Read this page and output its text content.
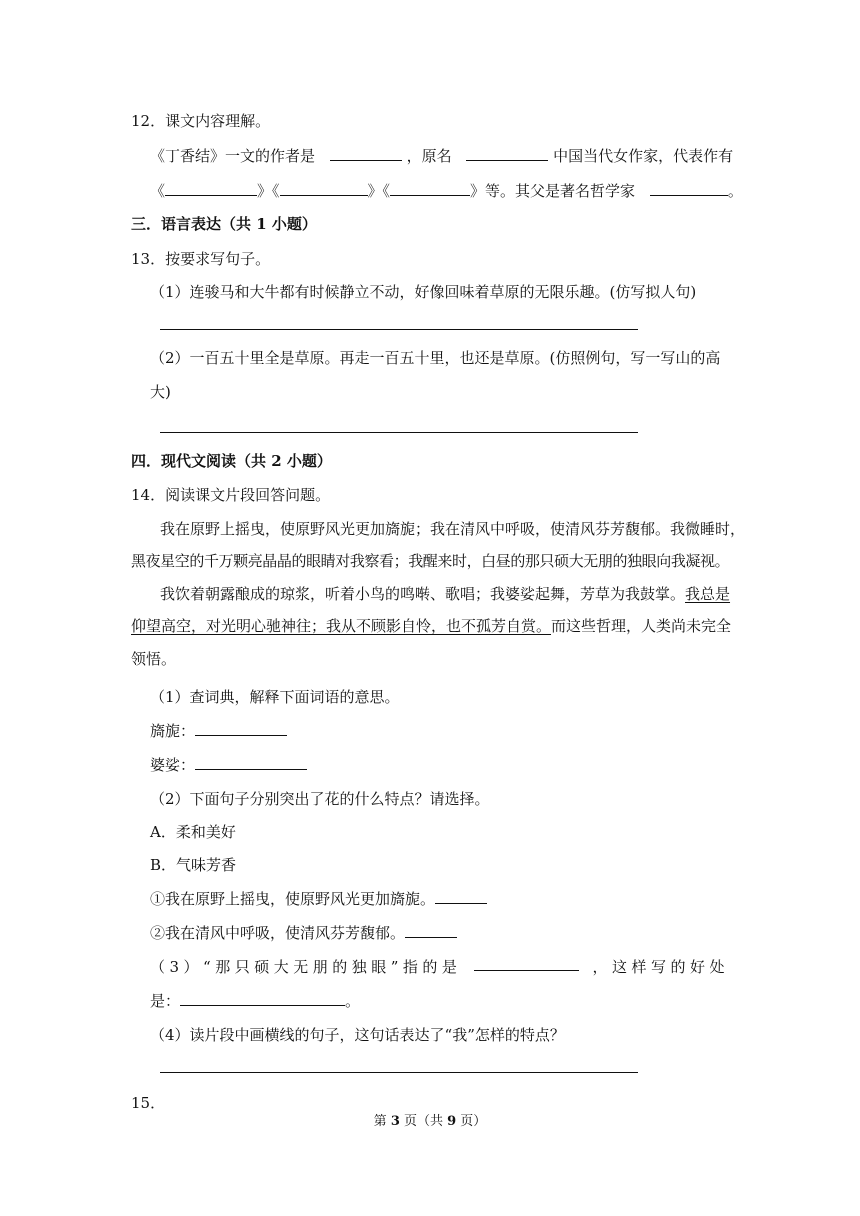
12．课文内容理解。
《丁香结》一文的作者是	，原名	中国当代女作家，代表作有
《	》《	》《	》等。其父是著名哲学家	。
三．语言表达（共 1 小题）
13．按要求写句子。
（1）连骏马和大牛都有时候静立不动，好像回味着草原的无限乐趣。(仿写拟人句)
（2）一百五十里全是草原。再走一百五十里，也还是草原。(仿照例句，写一写山的高
大)
四．现代文阅读（共 2 小题）
14．阅读课文片段回答问题。
我在原野上摇曳，使原野风光更加旖旎；我在清风中呼吸，使清风芬芳馥郁。我微睡时，
黑夜星空的千万颗亮晶晶的眼睛对我察看；我醒来时，白昼的那只硕大无朋的独眼向我凝视。
我饮着朝露酿成的琼浆，听着小鸟的鸣啭、歌唱；我婆娑起舞，芳草为我鼓掌。我总是
仰望高空，对光明心驰神往；我从不顾影自怜，也不孤芳自赏。而这些哲理，人类尚未完全
领悟。
（1）查词典，解释下面词语的意思。
旖旎：
婆娑：
（2）下面句子分别突出了花的什么特点？请选择。
A．柔和美好
B．气味芳香
①我在原野上摇曳，使原野风光更加旖旎。
②我在清风中呼吸，使清风芬芳馥郁。
（3）“那只硕大无朋的独眼”指的是	，这样写的好处
是：	。
（4）读片段中画横线的句子，这句话表达了“我”怎样的特点？
15．
第 3 页（共 9 页）
